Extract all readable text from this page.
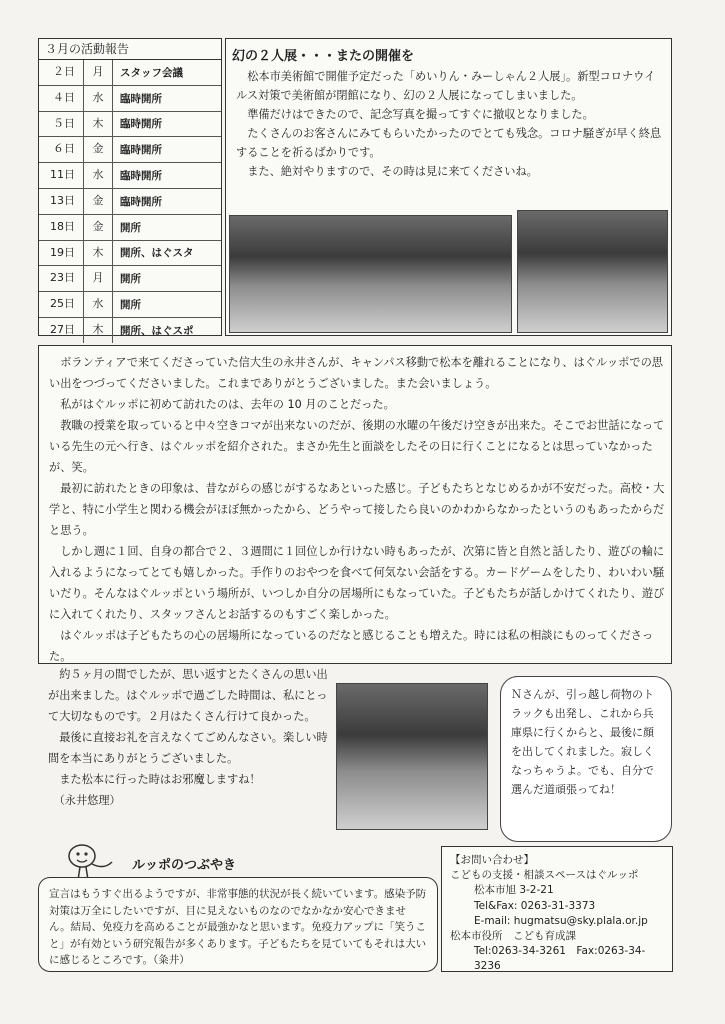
３月の活動報告
２日	月	スタッフ会議
４日	水	臨時開所
５日	木	臨時開所
６日	金	臨時開所
11日	水	臨時開所
13日	金	臨時開所
18日	金	開所
19日	木	開所、はぐスタ
23日	月	開所
25日	水	開所
27日	木	開所、はぐスポ
幻の２人展・・・またの開催を

松本市美術館で開催予定だった「めいりん・みーしゃん２人展」。新型コロナウイルス対策で美術館が閉館になり、幻の２人展になってしまいました。

準備だけはできたので、記念写真を撮ってすぐに撤収となりました。

たくさんのお客さんにみてもらいたかったのでとても残念。コロナ騒ぎが早く終息することを祈るばかりです。

また、絶対やりますので、その時は見に来てくださいね。

　ボランティアで来てくださっていた信大生の永井さんが、キャンパス移動で松本を離れることになり、はぐルッポでの思い出をつづってくださいました。これまでありがとうございました。また会いましょう。

　私がはぐルッポに初めて訪れたのは、去年の 10 月のことだった。

　教職の授業を取っていると中々空きコマが出来ないのだが、後期の水曜の午後だけ空きが出来た。そこでお世話になっている先生の元へ行き、はぐルッポを紹介された。まさか先生と面談をしたその日に行くことになるとは思っていなかったが、笑。

　最初に訪れたときの印象は、昔ながらの感じがするなあといった感じ。子どもたちとなじめるかが不安だった。高校・大学と、特に小学生と関わる機会がほぼ無かったから、どうやって接したら良いのかわからなかったというのもあったからだと思う。

　しかし週に１回、自身の都合で２、３週間に１回位しか行けない時もあったが、次第に皆と自然と話したり、遊びの輪に入れるようになってとても嬉しかった。手作りのおやつを食べて何気ない会話をする。カードゲームをしたり、わいわい騒いだり。そんなはぐルッポという場所が、いつしか自分の居場所にもなっていた。子どもたちが話しかけてくれたり、遊びに入れてくれたり、スタッフさんとお話するのもすごく楽しかった。

　はぐルッポは子どもたちの心の居場所になっているのだなと感じることも増えた。時には私の相談にものってくださった。

　約５ヶ月の間でしたが、思い返すとたくさんの思い出が出来ました。はぐルッポで過ごした時間は、私にとって大切なものです。２月はたくさん行けて良かった。

　最後に直接お礼を言えなくてごめんなさい。楽しい時間を本当にありがとうございました。

　また松本に行った時はお邪魔しますね！

　（永井悠理）

Ｎさんが、引っ越し荷物のトラックも出発し、これから兵庫県に行くからと、最後に顔を出してくれました。寂しくなっちゃうよ。でも、自分で選んだ道頑張ってね！
ルッポのつぶやき
宣言はもうすぐ出るようですが、非常事態的状況が長く続いています。感染予防対策は万全にしたいですが、目に見えないものなのでなかなか安心できません。結局、免疫力を高めることが最強かなと思います。免疫力アップに「笑うこと」が有効という研究報告が多くあります。子どもたちを見ていてもそれは大いに感じるところです。（粂井）
【お問い合わせ】
こどもの支援・相談スペースはぐルッポ
松本市旭 3-2-21
Tel&Fax: 0263-31-3373
E-mail: hugmatsu@sky.plala.or.jp
松本市役所　こども育成課
Tel:0263-34-3261　Fax:0263-34-3236
